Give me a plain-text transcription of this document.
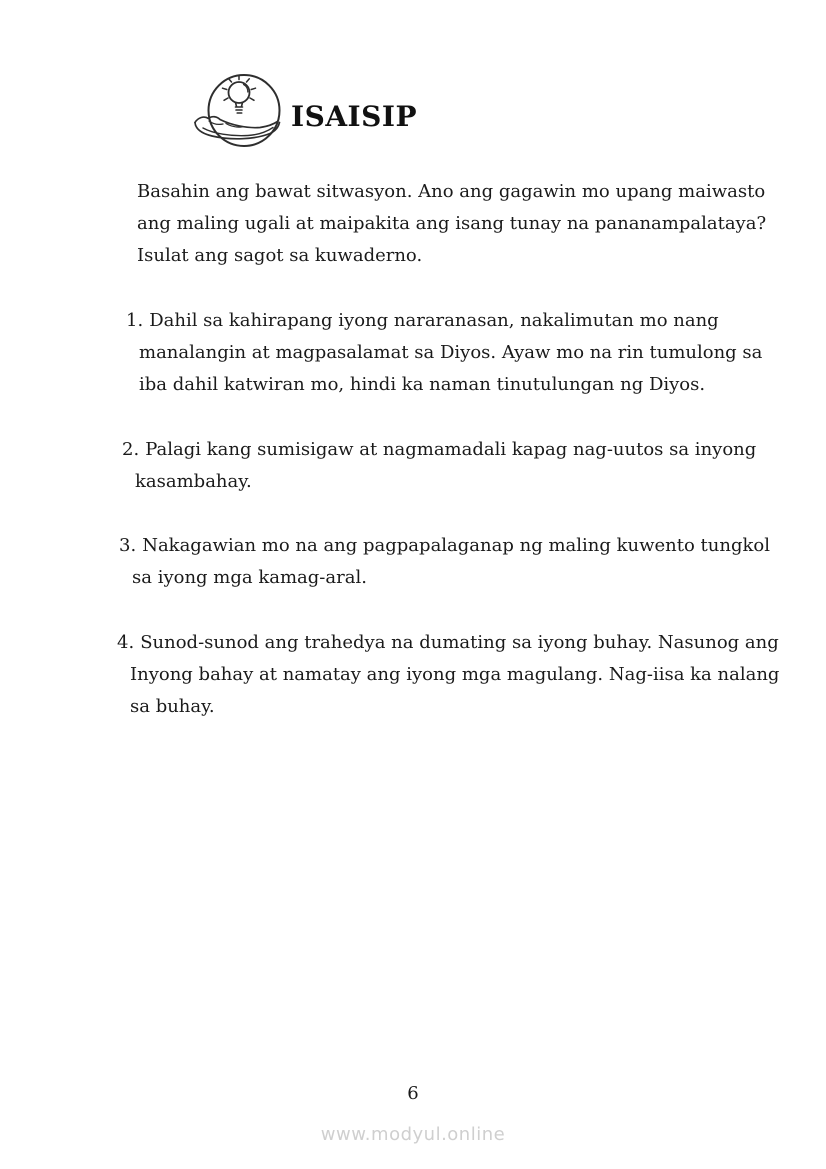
ISAISIP
Basahin ang bawat sitwasyon. Ano ang gagawin mo upang maiwasto
ang maling ugali at maipakita ang isang tunay na pananampalataya?
Isulat ang sagot sa kuwaderno.
1. Dahil sa kahirapang iyong nararanasan, nakalimutan mo nang
manalangin at magpasalamat sa Diyos. Ayaw mo na rin tumulong sa
iba dahil katwiran mo, hindi ka naman tinutulungan ng Diyos.
2. Palagi kang sumisigaw at nagmamadali kapag nag-uutos sa inyong
kasambahay.
3. Nakagawian mo na ang pagpapalaganap ng maling kuwento tungkol
sa iyong mga kamag-aral.
4. Sunod-sunod ang trahedya na dumating sa iyong buhay. Nasunog ang
Inyong bahay at namatay ang iyong mga magulang. Nag-iisa ka nalang
sa buhay.
6
www.modyul.online
